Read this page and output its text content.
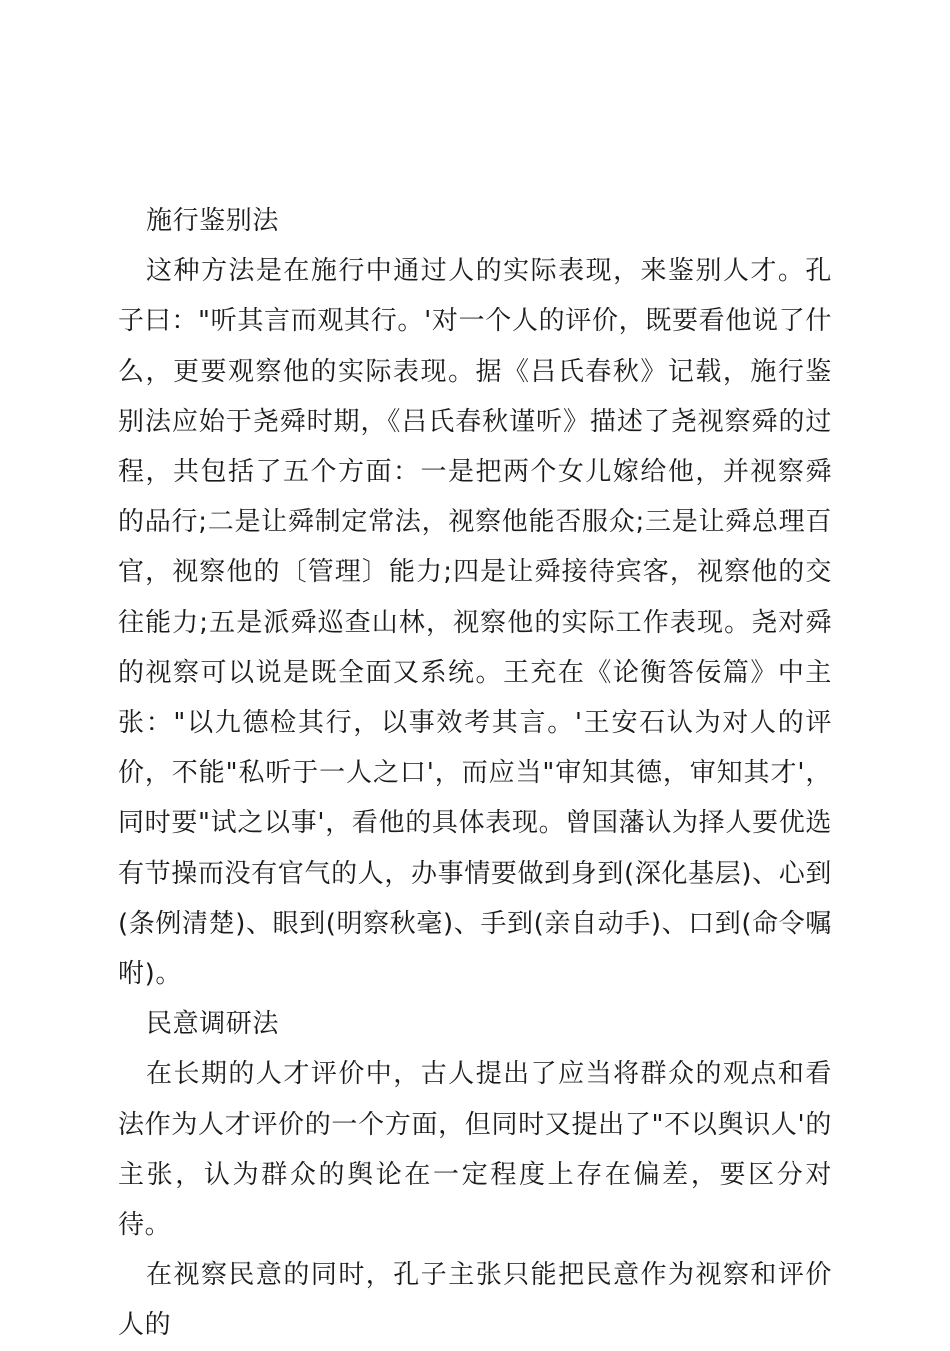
施行鉴别法

这种方法是在施行中通过人的实际表现，来鉴别人才。孔子曰："听其言而观其行。'对一个人的评价，既要看他说了什么，更要观察他的实际表现。据《吕氏春秋》记载，施行鉴别法应始于尧舜时期，《吕氏春秋谨听》描述了尧视察舜的过程，共包括了五个方面：一是把两个女儿嫁给他，并视察舜的品行;二是让舜制定常法，视察他能否服众;三是让舜总理百官，视察他的〔管理〕能力;四是让舜接待宾客，视察他的交往能力;五是派舜巡查山林，视察他的实际工作表现。尧对舜的视察可以说是既全面又系统。王充在《论衡答佞篇》中主张："以九德检其行，以事效考其言。'王安石认为对人的评价，不能"私听于一人之口'，而应当"审知其德，审知其才'，同时要"试之以事'，看他的具体表现。曾国藩认为择人要优选有节操而没有官气的人，办事情要做到身到(深化基层)、心到(条例清楚)、眼到(明察秋毫)、手到(亲自动手)、口到(命令嘱咐)。

民意调研法

在长期的人才评价中，古人提出了应当将群众的观点和看法作为人才评价的一个方面，但同时又提出了"不以舆识人'的主张，认为群众的舆论在一定程度上存在偏差，要区分对待。

在视察民意的同时，孔子主张只能把民意作为视察和评价人的
